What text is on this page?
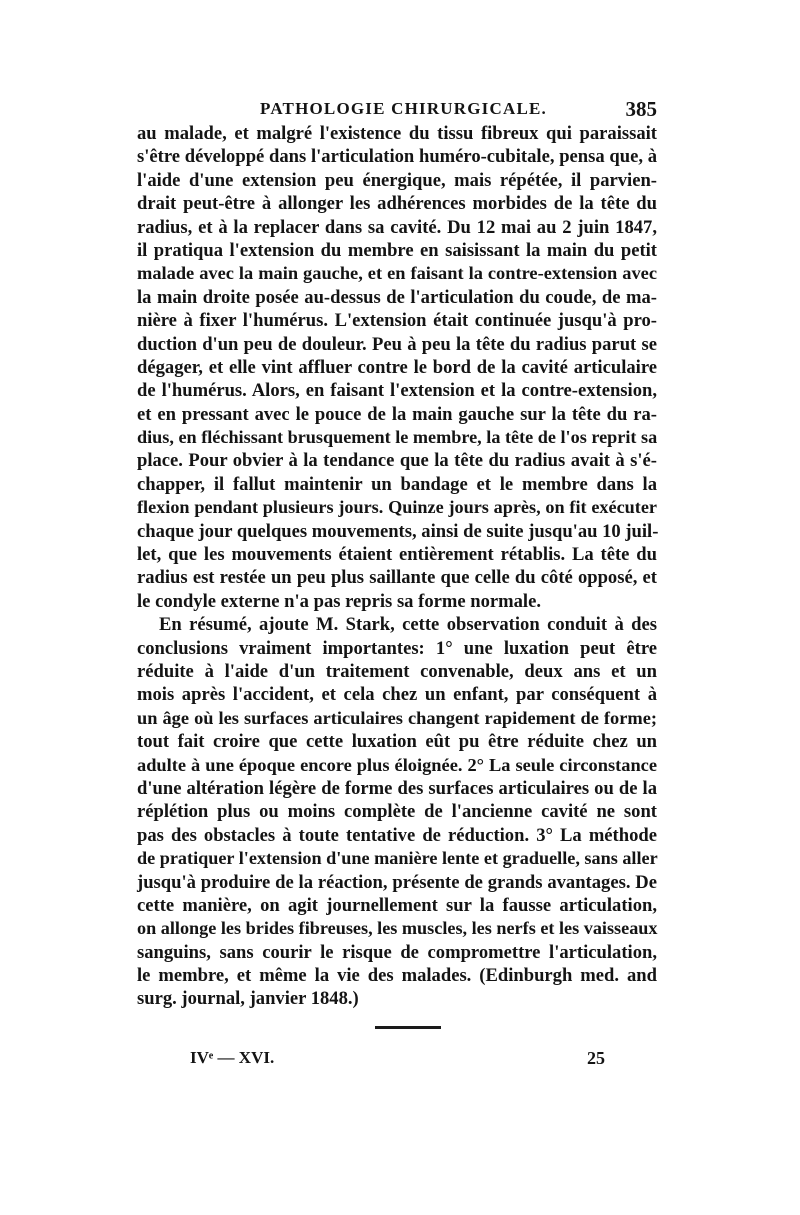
PATHOLOGIE CHIRURGICALE.	385
au malade, et malgré l'existence du tissu fibreux qui paraissait
s'être développé dans l'articulation huméro-cubitale, pensa que, à
l'aide d'une extension peu énergique, mais répétée, il parvien-
drait peut-être à allonger les adhérences morbides de la tête du
radius, et à la replacer dans sa cavité. Du 12 mai au 2 juin 1847,
il pratiqua l'extension du membre en saisissant la main du petit
malade avec la main gauche, et en faisant la contre-extension avec
la main droite posée au-dessus de l'articulation du coude, de ma-
nière à fixer l'humérus. L'extension était continuée jusqu'à pro-
duction d'un peu de douleur. Peu à peu la tête du radius parut se
dégager, et elle vint affluer contre le bord de la cavité articulaire
de l'humérus. Alors, en faisant l'extension et la contre-extension,
et en pressant avec le pouce de la main gauche sur la tête du ra-
dius, en fléchissant brusquement le membre, la tête de l'os reprit sa
place. Pour obvier à la tendance que la tête du radius avait à s'é-
chapper, il fallut maintenir un bandage et le membre dans la
flexion pendant plusieurs jours. Quinze jours après, on fit exécuter
chaque jour quelques mouvements, ainsi de suite jusqu'au 10 juil-
let, que les mouvements étaient entièrement rétablis. La tête du
radius est restée un peu plus saillante que celle du côté opposé, et
le condyle externe n'a pas repris sa forme normale.
En résumé, ajoute M. Stark, cette observation conduit à des
conclusions vraiment importantes: 1° une luxation peut être
réduite à l'aide d'un traitement convenable, deux ans et un
mois après l'accident, et cela chez un enfant, par conséquent à
un âge où les surfaces articulaires changent rapidement de forme;
tout fait croire que cette luxation eût pu être réduite chez un
adulte à une époque encore plus éloignée. 2° La seule circonstance
d'une altération légère de forme des surfaces articulaires ou de la
réplétion plus ou moins complète de l'ancienne cavité ne sont
pas des obstacles à toute tentative de réduction. 3° La méthode
de pratiquer l'extension d'une manière lente et graduelle, sans aller
jusqu'à produire de la réaction, présente de grands avantages. De
cette manière, on agit journellement sur la fausse articulation,
on allonge les brides fibreuses, les muscles, les nerfs et les vaisseaux
sanguins, sans courir le risque de compromettre l'articulation,
le membre, et même la vie des malades. (Edinburgh med. and
surg. journal, janvier 1848.)
IVᵉ — XVI.	25
